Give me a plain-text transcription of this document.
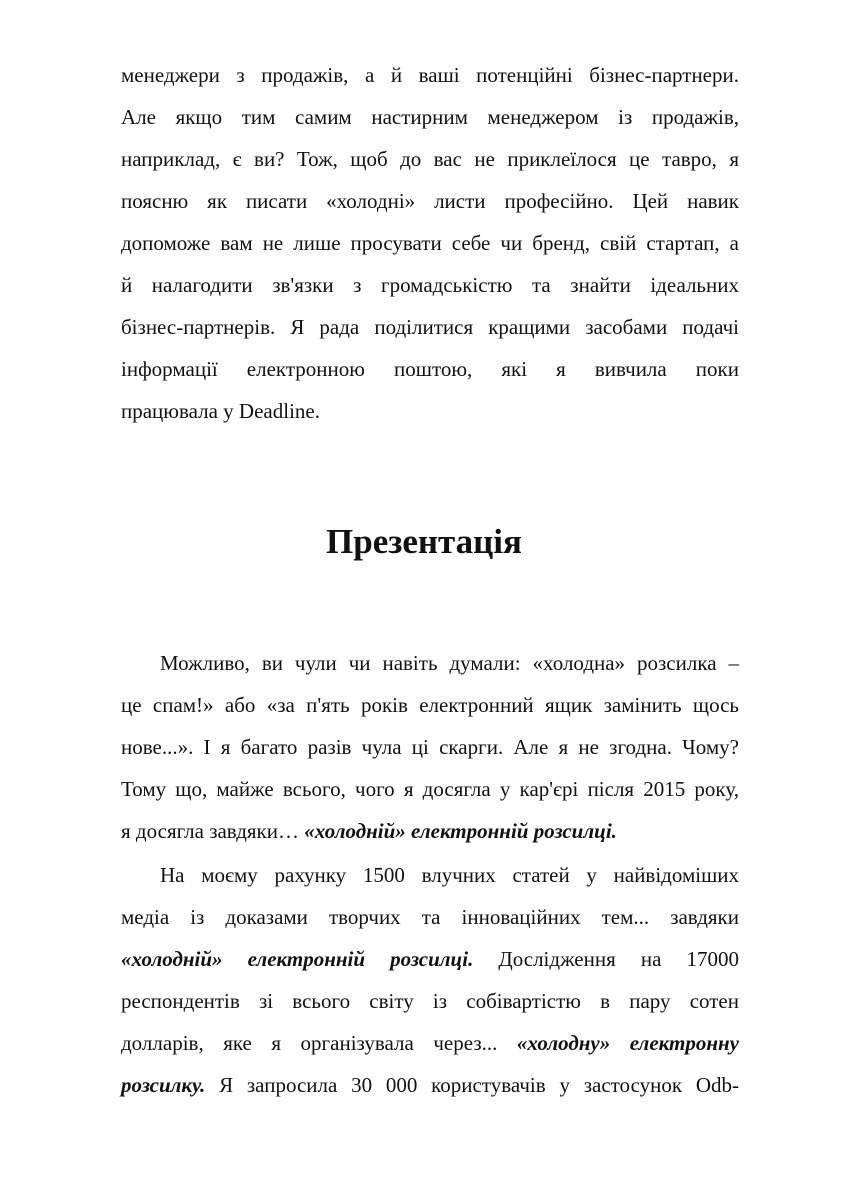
менеджери з продажів, а й ваші потенційні бізнес-партнери.
Але якщо тим самим настирним менеджером із продажів,
наприклад, є ви? Тож, щоб до вас не приклеїлося це тавро, я
поясню як писати «холодні» листи професійно. Цей навик
допоможе вам не лише просувати себе чи бренд, свій стартап, а
й налагодити зв'язки з громадськістю та знайти ідеальних
бізнес-партнерів. Я рада поділитися кращими засобами подачі
інформації електронною поштою, які я вивчила поки
працювала у Deadline.
Презентація
Можливо, ви чули чи навіть думали: «холодна» розсилка –
це спам!» або «за п'ять років електронний ящик замінить щось
нове...». І я багато разів чула ці скарги. Але я не згодна. Чому?
Тому що, майже всього, чого я досягла у кар'єрі після 2015 року,
я досягла завдяки… «холодній» електронній розсилці.
На моєму рахунку 1500 влучних статей у найвідоміших
медіа із доказами творчих та інноваційних тем... завдяки
«холодній» електронній розсилці. Дослідження на 17000
респондентів зі всього світу із собівартістю в пару сотен
долларів, яке я організувала через... «холодну» електронну
розсилку. Я запросила 30 000 користувачів у застосунок Odb-
